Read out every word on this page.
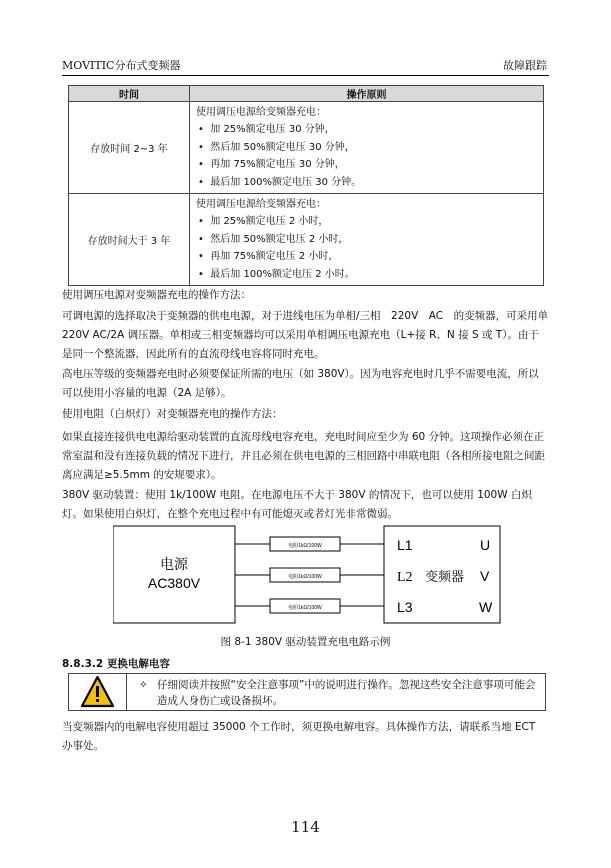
MOVITIC分布式变频器	故障跟踪
时间	操作原则
存放时间 2~3 年	使用调压电源给变频器充电：
•  加 25%额定电压 30 分钟，
•  然后加 50%额定电压 30 分钟，
•  再加 75%额定电压 30 分钟，
•  最后加 100%额定电压 30 分钟。

存放时间大于 3 年	使用调压电源给变频器充电：
•  加 25%额定电压 2 小时，
•  然后加 50%额定电压 2 小时，
•  再加 75%额定电压 2 小时，
•  最后加 100%额定电压 2 小时。

使用调压电源对变频器充电的操作方法：

可调电源的选择取决于变频器的供电电源，对于进线电压为单相/三相　220V　AC　的变频器，可采用单220V AC/2A 调压器。单相或三相变频器均可以采用单相调压电源充电（L+接 R、N 接 S 或 T）。由于是同一个整流器，因此所有的直流母线电容将同时充电。

高电压等级的变频器充电时必须要保证所需的电压（如 380V）。因为电容充电时几乎不需要电流，所以可以使用小容量的电源（2A 足够）。

使用电阻（白炽灯）对变频器充电的操作方法：

如果直接连接供电电源给驱动装置的直流母线电容充电，充电时间应至少为 60 分钟。这项操作必须在正常室温和没有连接负载的情况下进行，并且必须在供电电源的三相回路中串联电阻（各相所接电阻之间距离应满足≥5.5mm 的安规要求）。

380V 驱动装置：使用 1k/100W 电阻。在电源电压不大于 380V 的情况下，也可以使用 100W 白炽灯。如果使用白炽灯，在整个充电过程中有可能熄灭或者灯光非常微弱。

电源
AC380V
电阻1kΩ/100W
电阻1kΩ/100W
电阻1kΩ/100W
L1
L2 变频器
L3
U
V
W
图 8-1 380V 驱动装置充电电路示例
8.8.3.2 更换电解电容
✧ 仔细阅读并按照“安全注意事项”中的说明进行操作。忽视这些安全注意事项可能会造成人身伤亡或设备损坏。

当变频器内的电解电容使用超过 35000 个工作时，须更换电解电容。具体操作方法，请联系当地 ECT 办事处。

114
